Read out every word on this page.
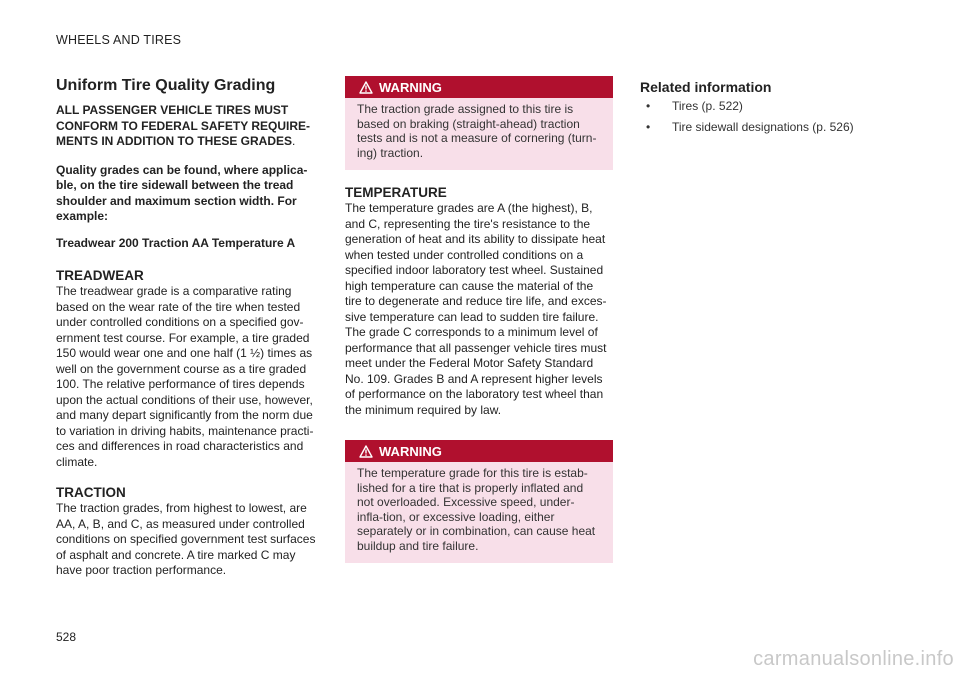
WHEELS AND TIRES
Uniform Tire Quality Grading

ALL PASSENGER VEHICLE TIRES MUST CONFORM TO FEDERAL SAFETY REQUIRE-MENTS IN ADDITION TO THESE GRADES.

Quality grades can be found, where applica-ble, on the tire sidewall between the tread shoulder and maximum section width. For example:

Treadwear 200 Traction AA Temperature A

TREADWEAR

The treadwear grade is a comparative rating based on the wear rate of the tire when tested under controlled conditions on a specified gov-ernment test course. For example, a tire graded 150 would wear one and one half (1 ½) times as well on the government course as a tire graded 100. The relative performance of tires depends upon the actual conditions of their use, however, and many depart significantly from the norm due to variation in driving habits, maintenance practi-ces and differences in road characteristics and climate.

TRACTION

The traction grades, from highest to lowest, are AA, A, B, and C, as measured under controlled conditions on specified government test surfaces of asphalt and concrete. A tire marked C may have poor traction performance.

WARNING
The traction grade assigned to this tire is based on braking (straight-ahead) traction tests and is not a measure of cornering (turn-ing) traction.
TEMPERATURE

The temperature grades are A (the highest), B, and C, representing the tire's resistance to the generation of heat and its ability to dissipate heat when tested under controlled conditions on a specified indoor laboratory test wheel. Sustained high temperature can cause the material of the tire to degenerate and reduce tire life, and exces-sive temperature can lead to sudden tire failure. The grade C corresponds to a minimum level of performance that all passenger vehicle tires must meet under the Federal Motor Safety Standard No. 109. Grades B and A represent higher levels of performance on the laboratory test wheel than the minimum required by law.

WARNING
The temperature grade for this tire is estab-lished for a tire that is properly inflated and not overloaded. Excessive speed, under-infla-tion, or excessive loading, either separately or in combination, can cause heat buildup and tire failure.
Related information
•	Tires (p. 522)
•	Tire sidewall designations (p. 526)
528
carmanualsonline.info
